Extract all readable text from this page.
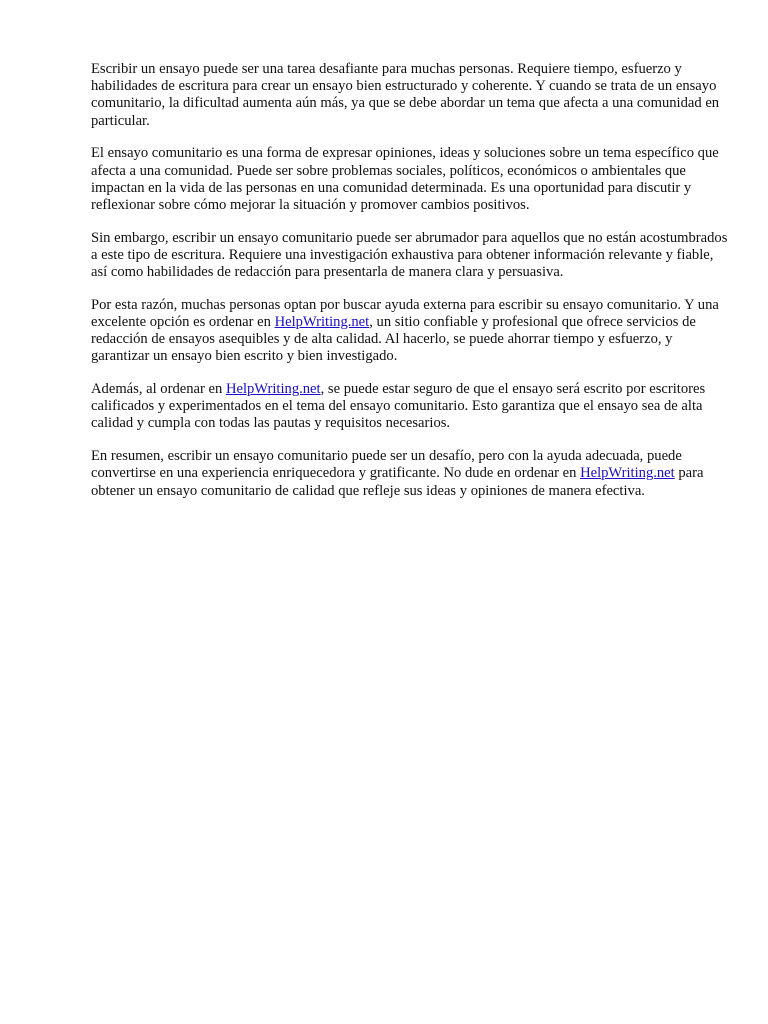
Escribir un ensayo puede ser una tarea desafiante para muchas personas. Requiere tiempo, esfuerzo y habilidades de escritura para crear un ensayo bien estructurado y coherente. Y cuando se trata de un ensayo comunitario, la dificultad aumenta aún más, ya que se debe abordar un tema que afecta a una comunidad en particular.

El ensayo comunitario es una forma de expresar opiniones, ideas y soluciones sobre un tema específico que afecta a una comunidad. Puede ser sobre problemas sociales, políticos, económicos o ambientales que impactan en la vida de las personas en una comunidad determinada. Es una oportunidad para discutir y reflexionar sobre cómo mejorar la situación y promover cambios positivos.

Sin embargo, escribir un ensayo comunitario puede ser abrumador para aquellos que no están acostumbrados a este tipo de escritura. Requiere una investigación exhaustiva para obtener información relevante y fiable, así como habilidades de redacción para presentarla de manera clara y persuasiva.

Por esta razón, muchas personas optan por buscar ayuda externa para escribir su ensayo comunitario. Y una excelente opción es ordenar en HelpWriting.net, un sitio confiable y profesional que ofrece servicios de redacción de ensayos asequibles y de alta calidad. Al hacerlo, se puede ahorrar tiempo y esfuerzo, y garantizar un ensayo bien escrito y bien investigado.

Además, al ordenar en HelpWriting.net, se puede estar seguro de que el ensayo será escrito por escritores calificados y experimentados en el tema del ensayo comunitario. Esto garantiza que el ensayo sea de alta calidad y cumpla con todas las pautas y requisitos necesarios.

En resumen, escribir un ensayo comunitario puede ser un desafío, pero con la ayuda adecuada, puede convertirse en una experiencia enriquecedora y gratificante. No dude en ordenar en HelpWriting.net para obtener un ensayo comunitario de calidad que refleje sus ideas y opiniones de manera efectiva.
